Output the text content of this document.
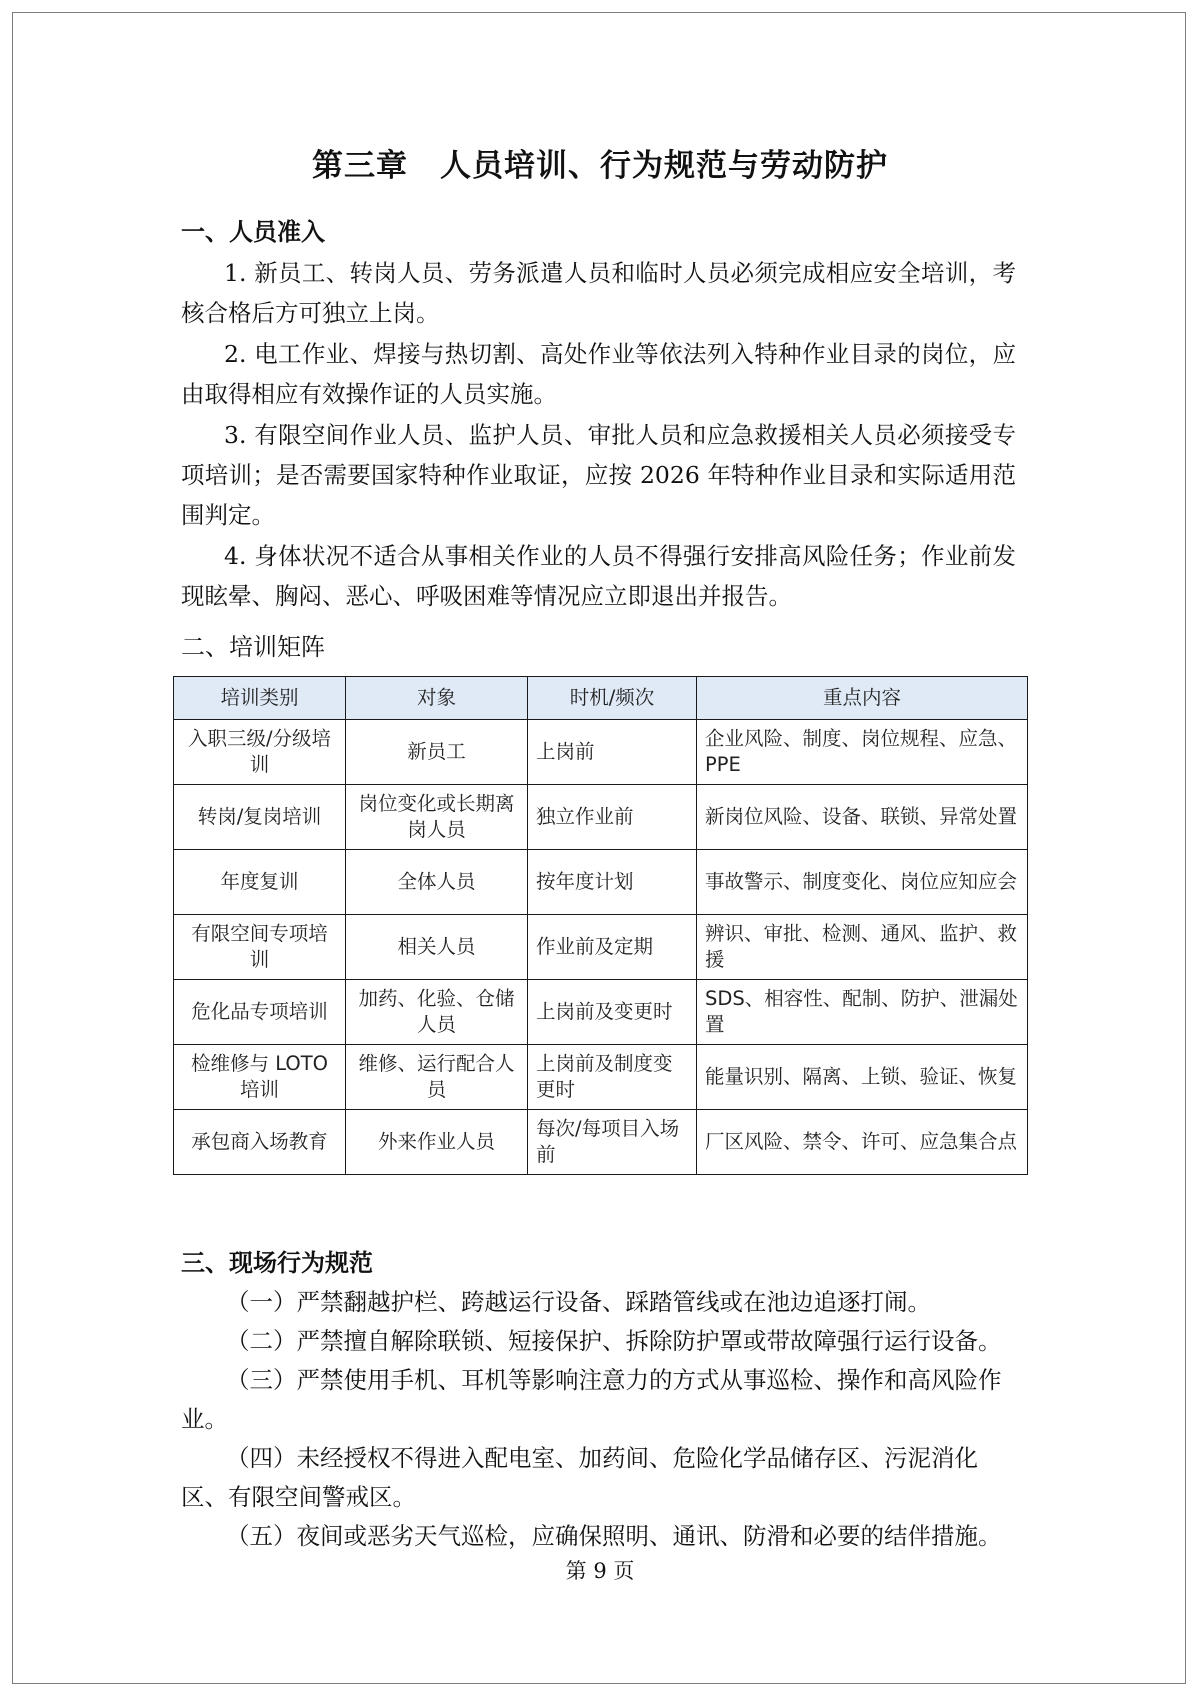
第三章　人员培训、行为规范与劳动防护
一、人员准入

1. 新员工、转岗人员、劳务派遣人员和临时人员必须完成相应安全培训，考核合格后方可独立上岗。

2. 电工作业、焊接与热切割、高处作业等依法列入特种作业目录的岗位，应由取得相应有效操作证的人员实施。

3. 有限空间作业人员、监护人员、审批人员和应急救援相关人员必须接受专项培训；是否需要国家特种作业取证，应按 2026 年特种作业目录和实际适用范围判定。

4. 身体状况不适合从事相关作业的人员不得强行安排高风险任务；作业前发现眩晕、胸闷、恶心、呼吸困难等情况应立即退出并报告。

二、培训矩阵
培训类别	对象	时机/频次	重点内容
入职三级/分级培训	新员工	上岗前	企业风险、制度、岗位规程、应急、PPE
转岗/复岗培训	岗位变化或长期离岗人员	独立作业前	新岗位风险、设备、联锁、异常处置
年度复训	全体人员	按年度计划	事故警示、制度变化、岗位应知应会
有限空间专项培训	相关人员	作业前及定期	辨识、审批、检测、通风、监护、救援
危化品专项培训	加药、化验、仓储人员	上岗前及变更时	SDS、相容性、配制、防护、泄漏处置
检维修与 LOTO 培训	维修、运行配合人员	上岗前及制度变更时	能量识别、隔离、上锁、验证、恢复
承包商入场教育	外来作业人员	每次/每项目入场前	厂区风险、禁令、许可、应急集合点
三、现场行为规范

（一）严禁翻越护栏、跨越运行设备、踩踏管线或在池边追逐打闹。

（二）严禁擅自解除联锁、短接保护、拆除防护罩或带故障强行运行设备。

（三）严禁使用手机、耳机等影响注意力的方式从事巡检、操作和高风险作业。

（四）未经授权不得进入配电室、加药间、危险化学品储存区、污泥消化区、有限空间警戒区。

（五）夜间或恶劣天气巡检，应确保照明、通讯、防滑和必要的结伴措施。

第 9 页
